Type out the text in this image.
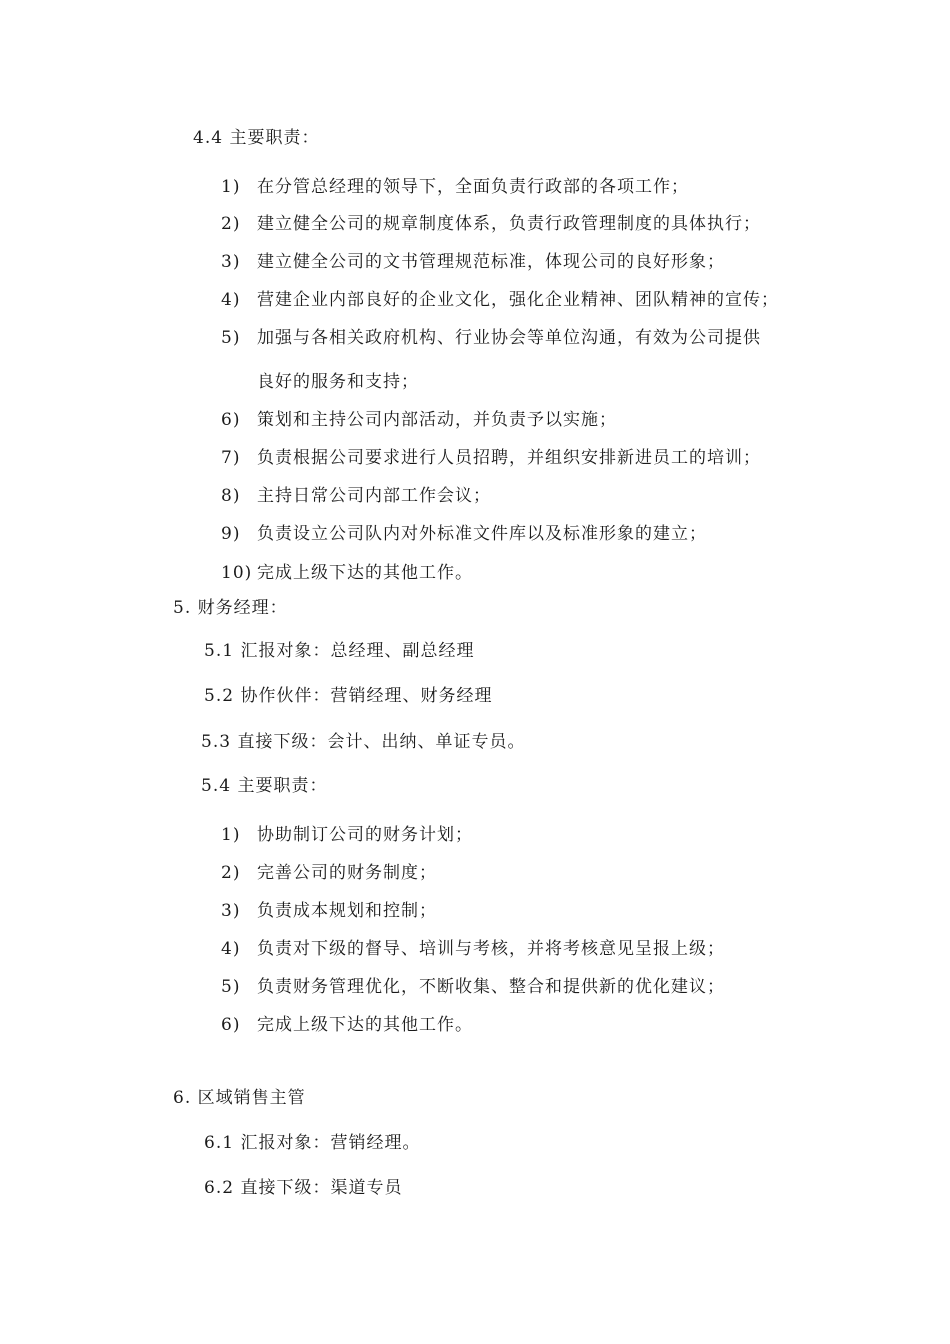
4.4 主要职责：
1) 在分管总经理的领导下，全面负责行政部的各项工作；
2) 建立健全公司的规章制度体系，负责行政管理制度的具体执行；
3) 建立健全公司的文书管理规范标准，体现公司的良好形象；
4) 营建企业内部良好的企业文化，强化企业精神、团队精神的宣传；
5) 加强与各相关政府机构、行业协会等单位沟通，有效为公司提供
良好的服务和支持；
6) 策划和主持公司内部活动，并负责予以实施；
7) 负责根据公司要求进行人员招聘，并组织安排新进员工的培训；
8) 主持日常公司内部工作会议；
9) 负责设立公司队内对外标准文件库以及标准形象的建立；
10) 完成上级下达的其他工作。
5. 财务经理：
5.1 汇报对象：总经理、副总经理
5.2 协作伙伴：营销经理、财务经理
5.3 直接下级：会计、出纳、单证专员。
5.4 主要职责：
1) 协助制订公司的财务计划；
2) 完善公司的财务制度；
3) 负责成本规划和控制；
4) 负责对下级的督导、培训与考核，并将考核意见呈报上级；
5) 负责财务管理优化，不断收集、整合和提供新的优化建议；
6) 完成上级下达的其他工作。
6. 区域销售主管
6.1 汇报对象：营销经理。
6.2 直接下级：渠道专员
